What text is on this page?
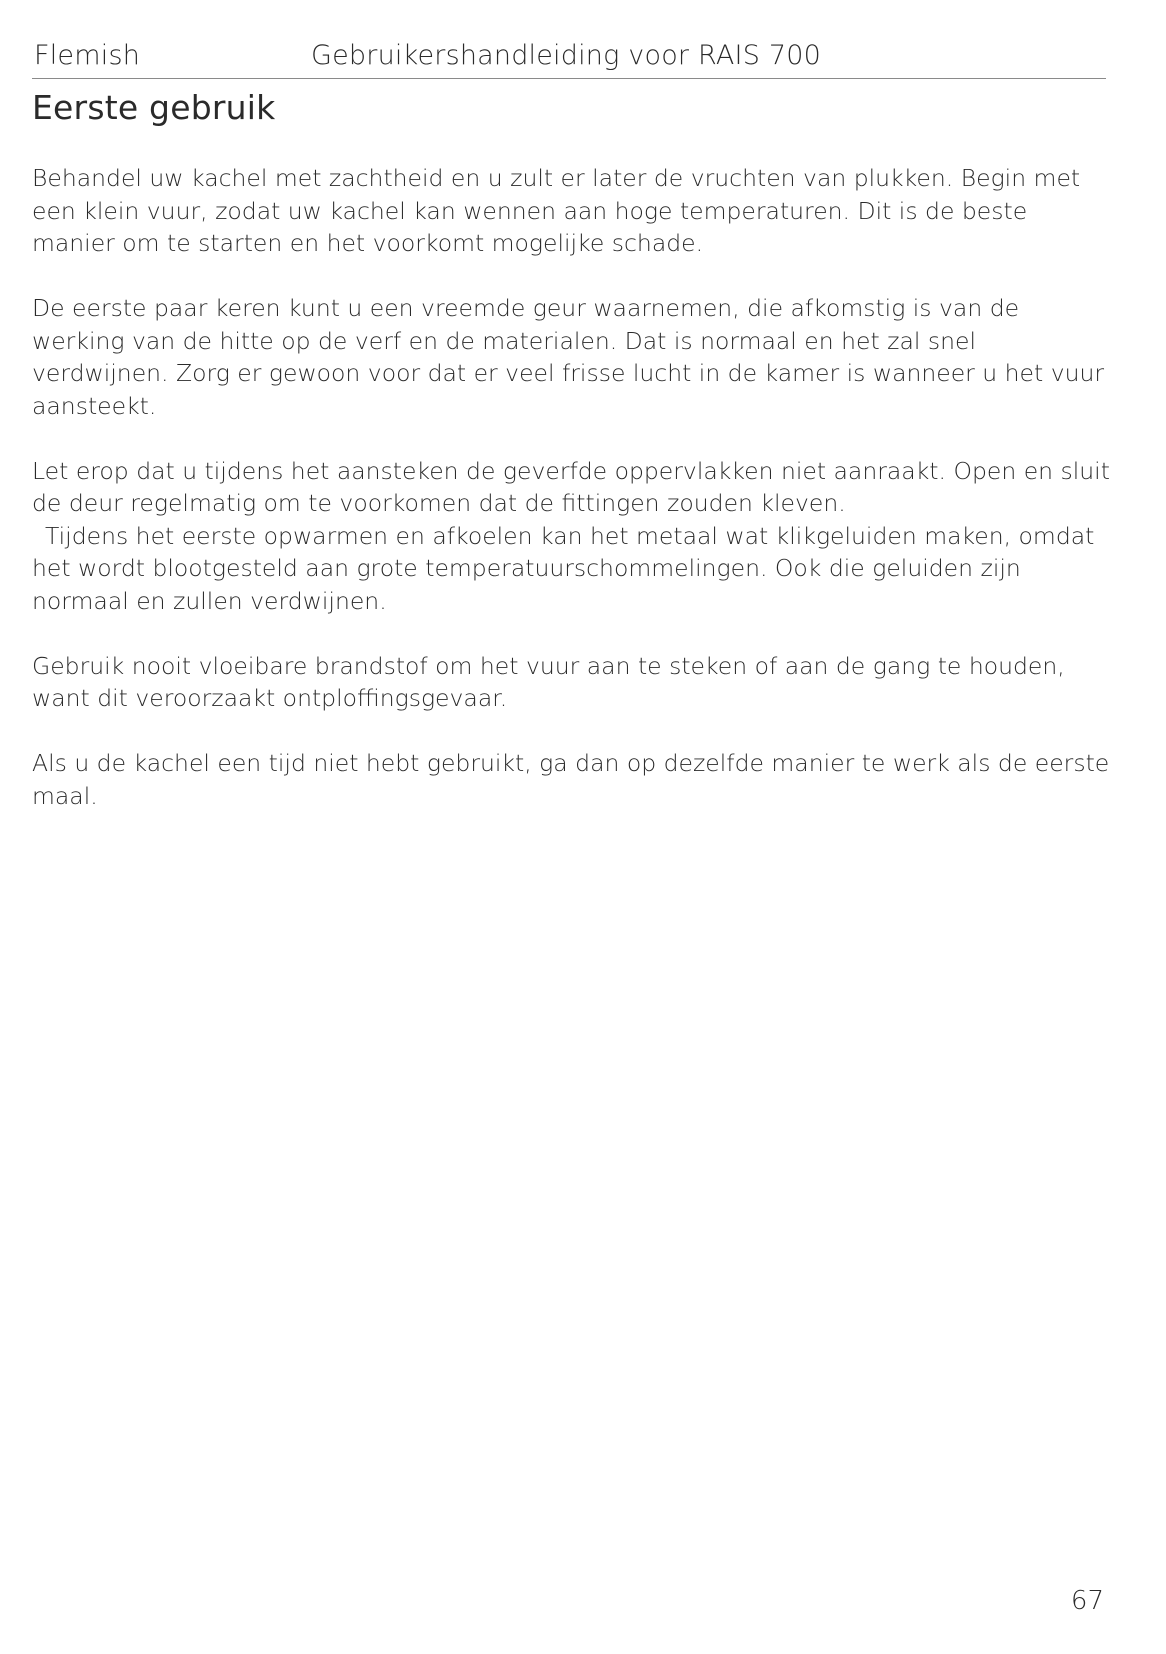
Flemish	Gebruikershandleiding voor RAIS 700
Eerste gebruik

Behandel uw kachel met zachtheid en u zult er later de vruchten van plukken. Begin met een klein vuur, zodat uw kachel kan wennen aan hoge temperaturen. Dit is de beste manier om te starten en het voorkomt mogelijke schade.

De eerste paar keren kunt u een vreemde geur waarnemen, die afkomstig is van de werking van de hitte op de verf en de materialen. Dat is normaal en het zal snel verdwijnen. Zorg er gewoon voor dat er veel frisse lucht in de kamer is wanneer u het vuur aansteekt.

Let erop dat u tijdens het aansteken de geverfde oppervlakken niet aanraakt. Open en sluit de deur regelmatig om te voorkomen dat de fittingen zouden kleven.

Tijdens het eerste opwarmen en afkoelen kan het metaal wat klikgeluiden maken, omdat het wordt blootgesteld aan grote temperatuurschommelingen. Ook die geluiden zijn normaal en zullen verdwijnen.

Gebruik nooit vloeibare brandstof om het vuur aan te steken of aan de gang te houden, want dit veroorzaakt ontploffingsgevaar.

Als u de kachel een tijd niet hebt gebruikt, ga dan op dezelfde manier te werk als de eerste maal.

67
